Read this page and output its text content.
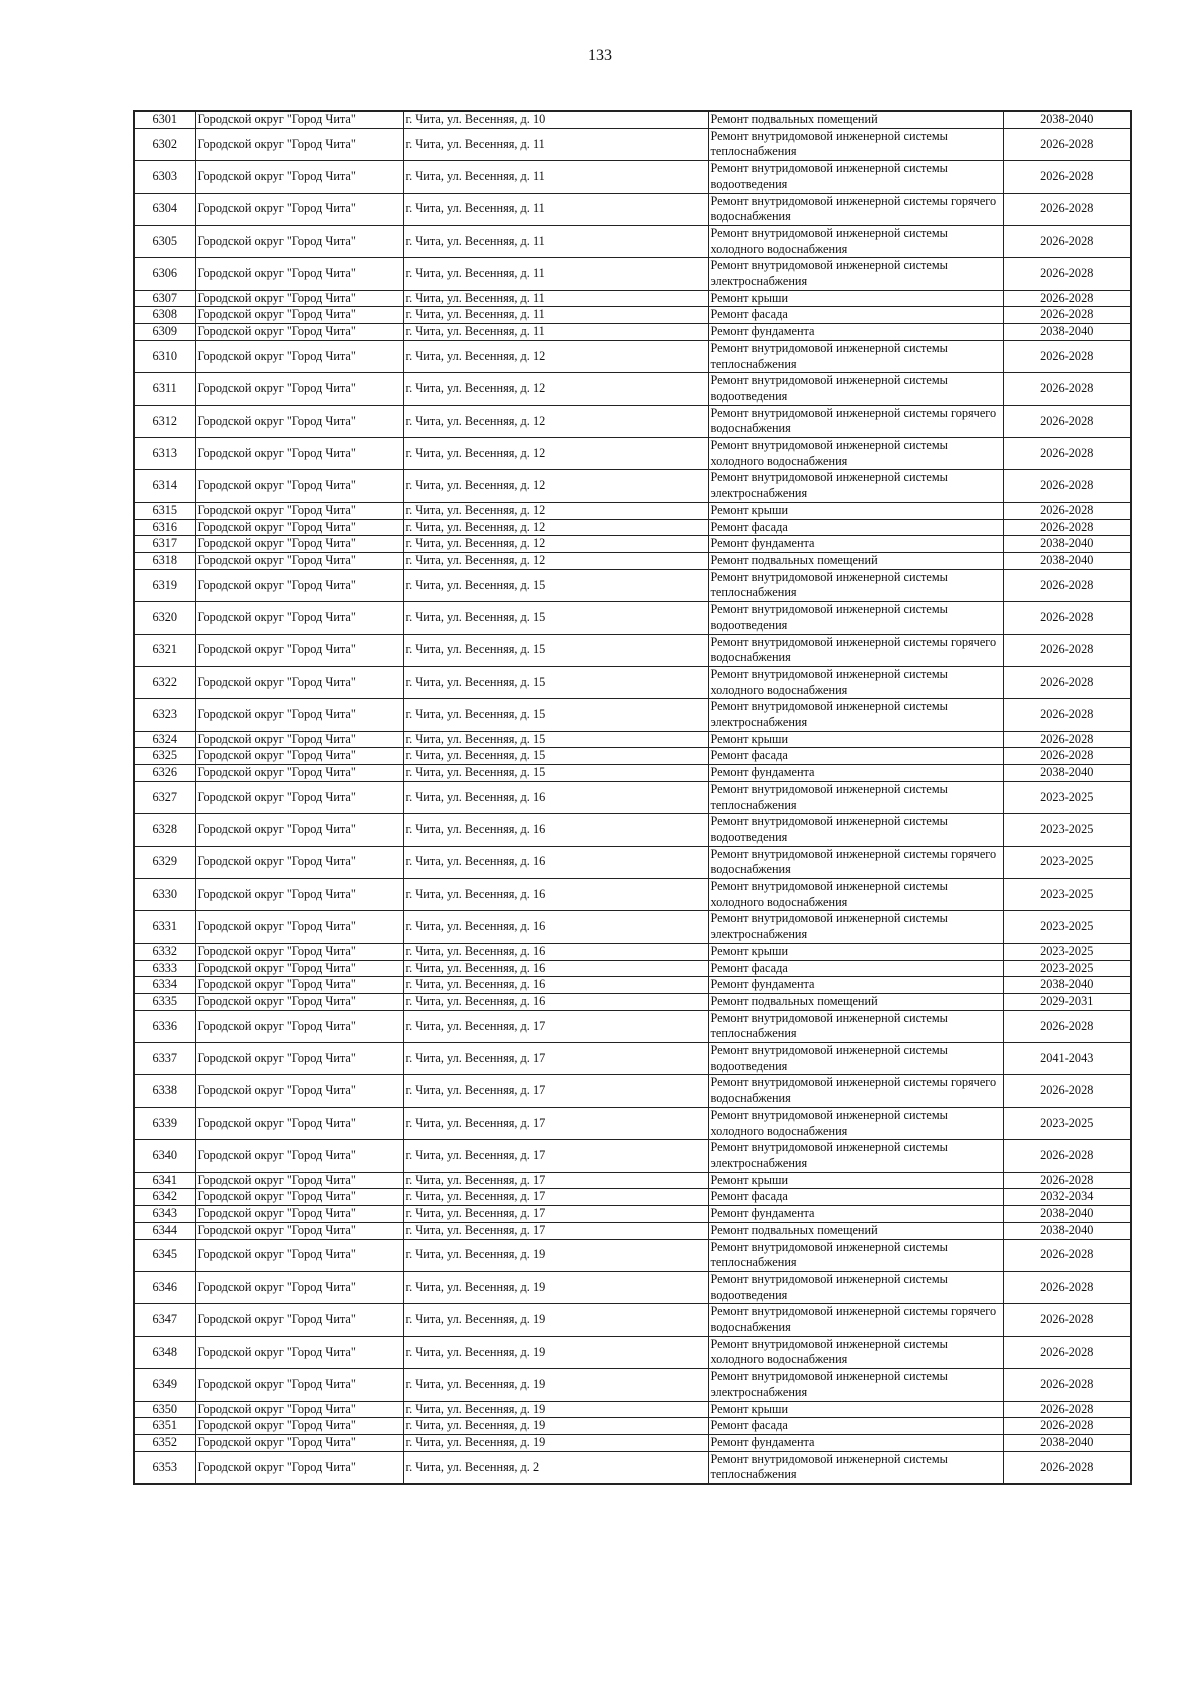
133
6301	Городской округ "Город Чита"	г. Чита, ул. Весенняя, д. 10	Ремонт подвальных помещений	2038-2040
6302	Городской округ "Город Чита"	г. Чита, ул. Весенняя, д. 11	Ремонт внутридомовой инженерной системы теплоснабжения	2026-2028
6303	Городской округ "Город Чита"	г. Чита, ул. Весенняя, д. 11	Ремонт внутридомовой инженерной системы водоотведения	2026-2028
6304	Городской округ "Город Чита"	г. Чита, ул. Весенняя, д. 11	Ремонт внутридомовой инженерной системы горячего водоснабжения	2026-2028
6305	Городской округ "Город Чита"	г. Чита, ул. Весенняя, д. 11	Ремонт внутридомовой инженерной системы холодного водоснабжения	2026-2028
6306	Городской округ "Город Чита"	г. Чита, ул. Весенняя, д. 11	Ремонт внутридомовой инженерной системы электроснабжения	2026-2028
6307	Городской округ "Город Чита"	г. Чита, ул. Весенняя, д. 11	Ремонт крыши	2026-2028
6308	Городской округ "Город Чита"	г. Чита, ул. Весенняя, д. 11	Ремонт фасада	2026-2028
6309	Городской округ "Город Чита"	г. Чита, ул. Весенняя, д. 11	Ремонт фундамента	2038-2040
6310	Городской округ "Город Чита"	г. Чита, ул. Весенняя, д. 12	Ремонт внутридомовой инженерной системы теплоснабжения	2026-2028
6311	Городской округ "Город Чита"	г. Чита, ул. Весенняя, д. 12	Ремонт внутридомовой инженерной системы водоотведения	2026-2028
6312	Городской округ "Город Чита"	г. Чита, ул. Весенняя, д. 12	Ремонт внутридомовой инженерной системы горячего водоснабжения	2026-2028
6313	Городской округ "Город Чита"	г. Чита, ул. Весенняя, д. 12	Ремонт внутридомовой инженерной системы холодного водоснабжения	2026-2028
6314	Городской округ "Город Чита"	г. Чита, ул. Весенняя, д. 12	Ремонт внутридомовой инженерной системы электроснабжения	2026-2028
6315	Городской округ "Город Чита"	г. Чита, ул. Весенняя, д. 12	Ремонт крыши	2026-2028
6316	Городской округ "Город Чита"	г. Чита, ул. Весенняя, д. 12	Ремонт фасада	2026-2028
6317	Городской округ "Город Чита"	г. Чита, ул. Весенняя, д. 12	Ремонт фундамента	2038-2040
6318	Городской округ "Город Чита"	г. Чита, ул. Весенняя, д. 12	Ремонт подвальных помещений	2038-2040
6319	Городской округ "Город Чита"	г. Чита, ул. Весенняя, д. 15	Ремонт внутридомовой инженерной системы теплоснабжения	2026-2028
6320	Городской округ "Город Чита"	г. Чита, ул. Весенняя, д. 15	Ремонт внутридомовой инженерной системы водоотведения	2026-2028
6321	Городской округ "Город Чита"	г. Чита, ул. Весенняя, д. 15	Ремонт внутридомовой инженерной системы горячего водоснабжения	2026-2028
6322	Городской округ "Город Чита"	г. Чита, ул. Весенняя, д. 15	Ремонт внутридомовой инженерной системы холодного водоснабжения	2026-2028
6323	Городской округ "Город Чита"	г. Чита, ул. Весенняя, д. 15	Ремонт внутридомовой инженерной системы электроснабжения	2026-2028
6324	Городской округ "Город Чита"	г. Чита, ул. Весенняя, д. 15	Ремонт крыши	2026-2028
6325	Городской округ "Город Чита"	г. Чита, ул. Весенняя, д. 15	Ремонт фасада	2026-2028
6326	Городской округ "Город Чита"	г. Чита, ул. Весенняя, д. 15	Ремонт фундамента	2038-2040
6327	Городской округ "Город Чита"	г. Чита, ул. Весенняя, д. 16	Ремонт внутридомовой инженерной системы теплоснабжения	2023-2025
6328	Городской округ "Город Чита"	г. Чита, ул. Весенняя, д. 16	Ремонт внутридомовой инженерной системы водоотведения	2023-2025
6329	Городской округ "Город Чита"	г. Чита, ул. Весенняя, д. 16	Ремонт внутридомовой инженерной системы горячего водоснабжения	2023-2025
6330	Городской округ "Город Чита"	г. Чита, ул. Весенняя, д. 16	Ремонт внутридомовой инженерной системы холодного водоснабжения	2023-2025
6331	Городской округ "Город Чита"	г. Чита, ул. Весенняя, д. 16	Ремонт внутридомовой инженерной системы электроснабжения	2023-2025
6332	Городской округ "Город Чита"	г. Чита, ул. Весенняя, д. 16	Ремонт крыши	2023-2025
6333	Городской округ "Город Чита"	г. Чита, ул. Весенняя, д. 16	Ремонт фасада	2023-2025
6334	Городской округ "Город Чита"	г. Чита, ул. Весенняя, д. 16	Ремонт фундамента	2038-2040
6335	Городской округ "Город Чита"	г. Чита, ул. Весенняя, д. 16	Ремонт подвальных помещений	2029-2031
6336	Городской округ "Город Чита"	г. Чита, ул. Весенняя, д. 17	Ремонт внутридомовой инженерной системы теплоснабжения	2026-2028
6337	Городской округ "Город Чита"	г. Чита, ул. Весенняя, д. 17	Ремонт внутридомовой инженерной системы водоотведения	2041-2043
6338	Городской округ "Город Чита"	г. Чита, ул. Весенняя, д. 17	Ремонт внутридомовой инженерной системы горячего водоснабжения	2026-2028
6339	Городской округ "Город Чита"	г. Чита, ул. Весенняя, д. 17	Ремонт внутридомовой инженерной системы холодного водоснабжения	2023-2025
6340	Городской округ "Город Чита"	г. Чита, ул. Весенняя, д. 17	Ремонт внутридомовой инженерной системы электроснабжения	2026-2028
6341	Городской округ "Город Чита"	г. Чита, ул. Весенняя, д. 17	Ремонт крыши	2026-2028
6342	Городской округ "Город Чита"	г. Чита, ул. Весенняя, д. 17	Ремонт фасада	2032-2034
6343	Городской округ "Город Чита"	г. Чита, ул. Весенняя, д. 17	Ремонт фундамента	2038-2040
6344	Городской округ "Город Чита"	г. Чита, ул. Весенняя, д. 17	Ремонт подвальных помещений	2038-2040
6345	Городской округ "Город Чита"	г. Чита, ул. Весенняя, д. 19	Ремонт внутридомовой инженерной системы теплоснабжения	2026-2028
6346	Городской округ "Город Чита"	г. Чита, ул. Весенняя, д. 19	Ремонт внутридомовой инженерной системы водоотведения	2026-2028
6347	Городской округ "Город Чита"	г. Чита, ул. Весенняя, д. 19	Ремонт внутридомовой инженерной системы горячего водоснабжения	2026-2028
6348	Городской округ "Город Чита"	г. Чита, ул. Весенняя, д. 19	Ремонт внутридомовой инженерной системы холодного водоснабжения	2026-2028
6349	Городской округ "Город Чита"	г. Чита, ул. Весенняя, д. 19	Ремонт внутридомовой инженерной системы электроснабжения	2026-2028
6350	Городской округ "Город Чита"	г. Чита, ул. Весенняя, д. 19	Ремонт крыши	2026-2028
6351	Городской округ "Город Чита"	г. Чита, ул. Весенняя, д. 19	Ремонт фасада	2026-2028
6352	Городской округ "Город Чита"	г. Чита, ул. Весенняя, д. 19	Ремонт фундамента	2038-2040
6353	Городской округ "Город Чита"	г. Чита, ул. Весенняя, д. 2	Ремонт внутридомовой инженерной системы теплоснабжения	2026-2028
